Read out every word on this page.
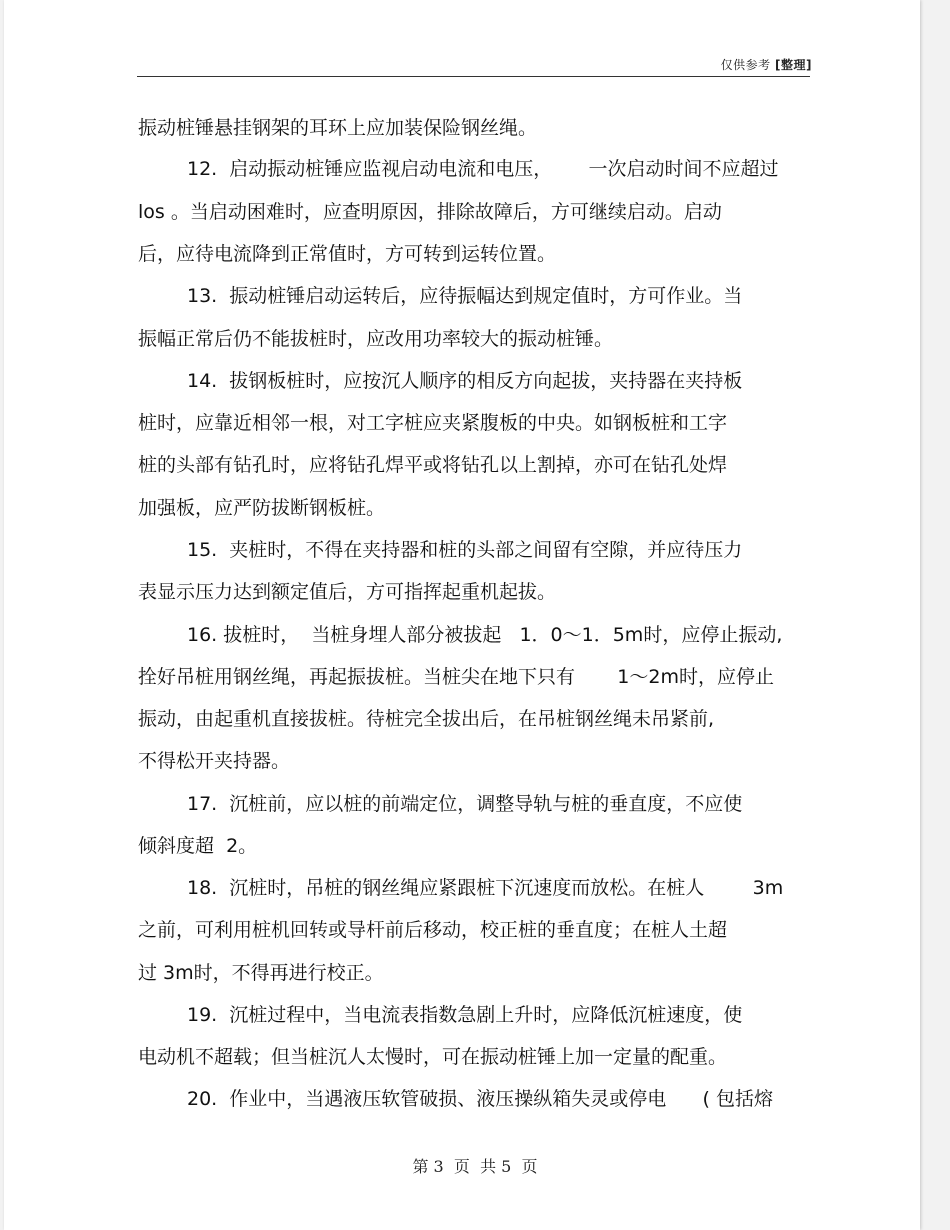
仅供参考 [整理]
振动桩锤悬挂钢架的耳环上应加装保险钢丝绳。
12.  启动振动桩锤应监视启动电流和电压，      一次启动时间不应超过
los 。当启动困难时，应查明原因，排除故障后，方可继续启动。启动
后，应待电流降到正常值时，方可转到运转位置。
13.  振动桩锤启动运转后，应待振幅达到规定值时，方可作业。当
振幅正常后仍不能拔桩时，应改用功率较大的振动桩锤。
14.  拔钢板桩时，应按沉人顺序的相反方向起拔，夹持器在夹持板
桩时，应靠近相邻一根，对工字桩应夹紧腹板的中央。如钢板桩和工字
桩的头部有钻孔时，应将钻孔焊平或将钻孔以上割掉，亦可在钻孔处焊
加强板，应严防拔断钢板桩。
15.  夹桩时，不得在夹持器和桩的头部之间留有空隙，并应待压力
表显示压力达到额定值后，方可指挥起重机起拔。
16. 拔桩时，  当桩身埋人部分被拔起   1．0～1．5m时，应停止振动,
拴好吊桩用钢丝绳，再起振拔桩。当桩尖在地下只有       1～2m时，应停止
振动，由起重机直接拔桩。待桩完全拔出后，在吊桩钢丝绳未吊紧前,
不得松开夹持器。
17.  沉桩前，应以桩的前端定位，调整导轨与桩的垂直度，不应使
倾斜度超  2。
18.  沉桩时，吊桩的钢丝绳应紧跟桩下沉速度而放松。在桩人        3m
之前，可利用桩机回转或导杆前后移动，校正桩的垂直度；在桩人土超
过 3m时，不得再进行校正。
19.  沉桩过程中，当电流表指数急剧上升时，应降低沉桩速度，使
电动机不超载；但当桩沉人太慢时，可在振动桩锤上加一定量的配重。
20.  作业中，当遇液压软管破损、液压操纵箱失灵或停电      ( 包括熔
第 3  页  共 5  页
